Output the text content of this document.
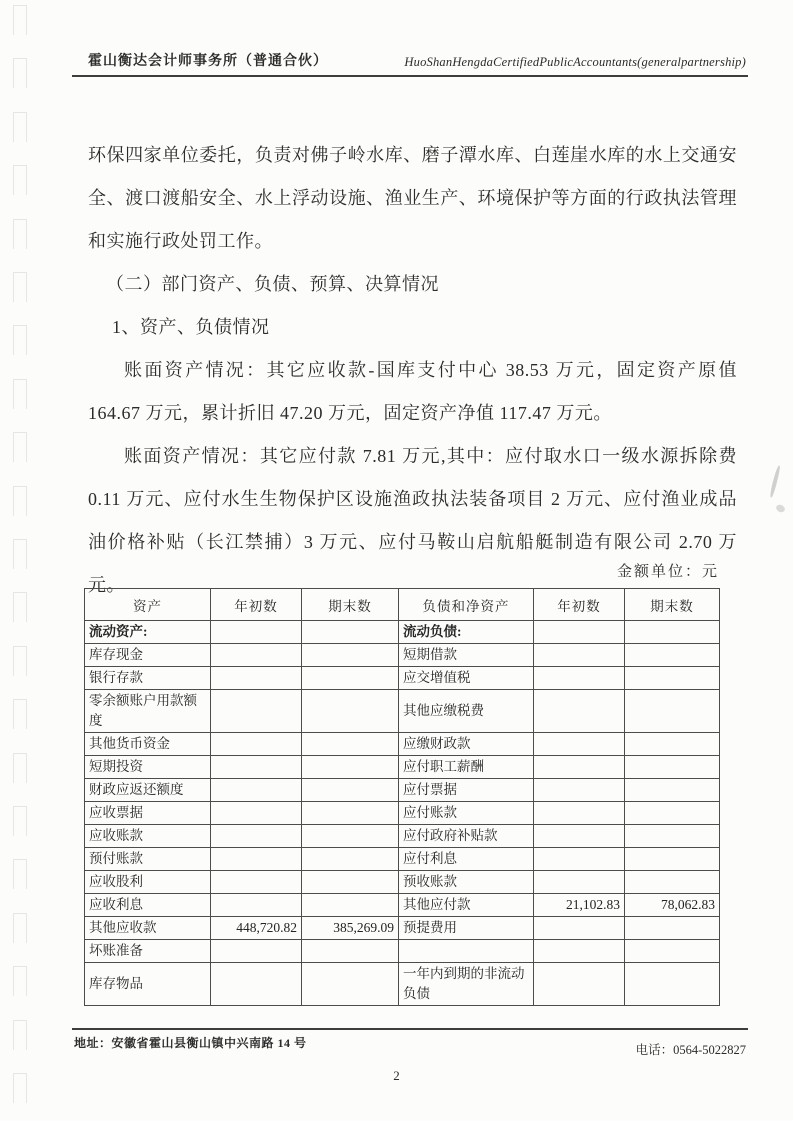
霍山衡达会计师事务所（普通合伙）	HuoShanHengdaCertifiedPublicAccountants(generalpartnership)

环保四家单位委托，负责对佛子岭水库、磨子潭水库、白莲崖水库的水上交通安全、渡口渡船安全、水上浮动设施、渔业生产、环境保护等方面的行政执法管理和实施行政处罚工作。

（二）部门资产、负债、预算、决算情况

1、资产、负债情况

账面资产情况：其它应收款-国库支付中心 38.53 万元，固定资产原值 164.67 万元，累计折旧 47.20 万元，固定资产净值 117.47 万元。

账面资产情况：其它应付款 7.81 万元,其中：应付取水口一级水源拆除费 0.11 万元、应付水生生物保护区设施渔政执法装备项目 2 万元、应付渔业成品油价格补贴（长江禁捕）3 万元、应付马鞍山启航船艇制造有限公司 2.70 万元。

金额单位：元
资产	年初数	期末数	负债和净资产	年初数	期末数
流动资产:			流动负债:		
库存现金			短期借款		
银行存款			应交增值税		
零余额账户用款额度			其他应缴税费		
其他货币资金			应缴财政款		
短期投资			应付职工薪酬		
财政应返还额度			应付票据		
应收票据			应付账款		
应收账款			应付政府补贴款		
预付账款			应付利息		
应收股利			预收账款		
应收利息			其他应付款	21,102.83	78,062.83
其他应收款	448,720.82	385,269.09	预提费用		
坏账准备					
库存物品			一年内到期的非流动负债		
地址：安徽省霍山县衡山镇中兴南路 14 号	电话：0564-5022827
2
